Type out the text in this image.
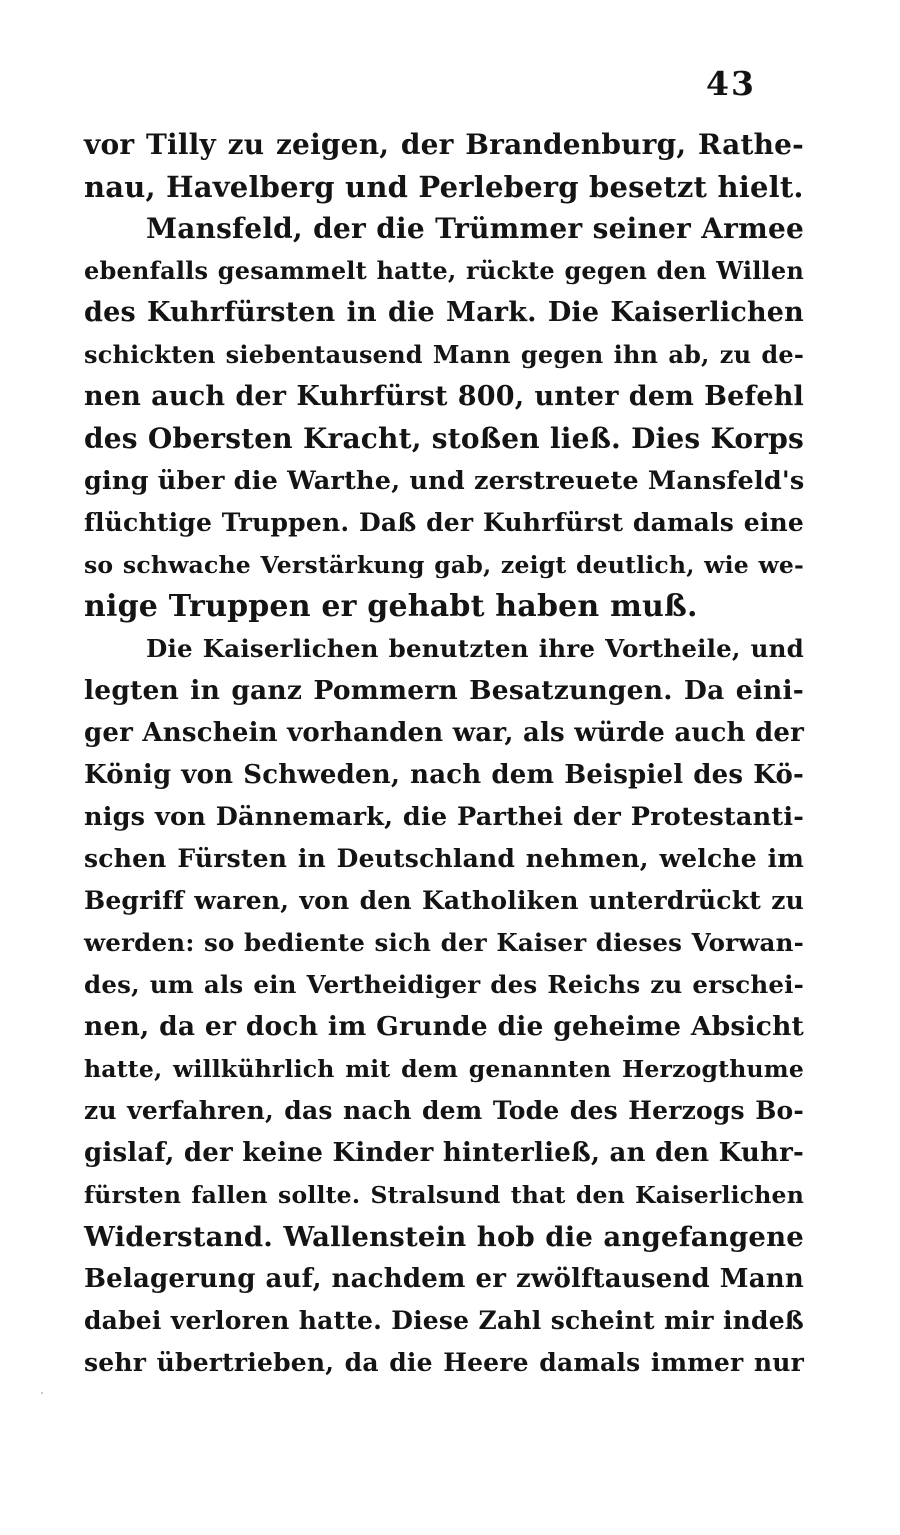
43
vor Tilly zu zeigen, der Brandenburg, Rathe-
nau, Havelberg und Perleberg besetzt hielt.
Mansfeld, der die Trümmer seiner Armee
ebenfalls gesammelt hatte, rückte gegen den Willen
des Kuhrfürsten in die Mark. Die Kaiserlichen
schickten siebentausend Mann gegen ihn ab, zu de-
nen auch der Kuhrfürst 800, unter dem Befehl
des Obersten Kracht, stoßen ließ. Dies Korps
ging über die Warthe, und zerstreuete Mansfeld's
flüchtige Truppen. Daß der Kuhrfürst damals eine
so schwache Verstärkung gab, zeigt deutlich, wie we-
nige Truppen er gehabt haben muß.
Die Kaiserlichen benutzten ihre Vortheile, und
legten in ganz Pommern Besatzungen. Da eini-
ger Anschein vorhanden war, als würde auch der
König von Schweden, nach dem Beispiel des Kö-
nigs von Dännemark, die Parthei der Protestanti-
schen Fürsten in Deutschland nehmen, welche im
Begriff waren, von den Katholiken unterdrückt zu
werden: so bediente sich der Kaiser dieses Vorwan-
des, um als ein Vertheidiger des Reichs zu erschei-
nen, da er doch im Grunde die geheime Absicht
hatte, willkührlich mit dem genannten Herzogthume
zu verfahren, das nach dem Tode des Herzogs Bo-
gislaf, der keine Kinder hinterließ, an den Kuhr-
fürsten fallen sollte. Stralsund that den Kaiserlichen
Widerstand. Wallenstein hob die angefangene
Belagerung auf, nachdem er zwölftausend Mann
dabei verloren hatte. Diese Zahl scheint mir indeß
sehr übertrieben, da die Heere damals immer nur
